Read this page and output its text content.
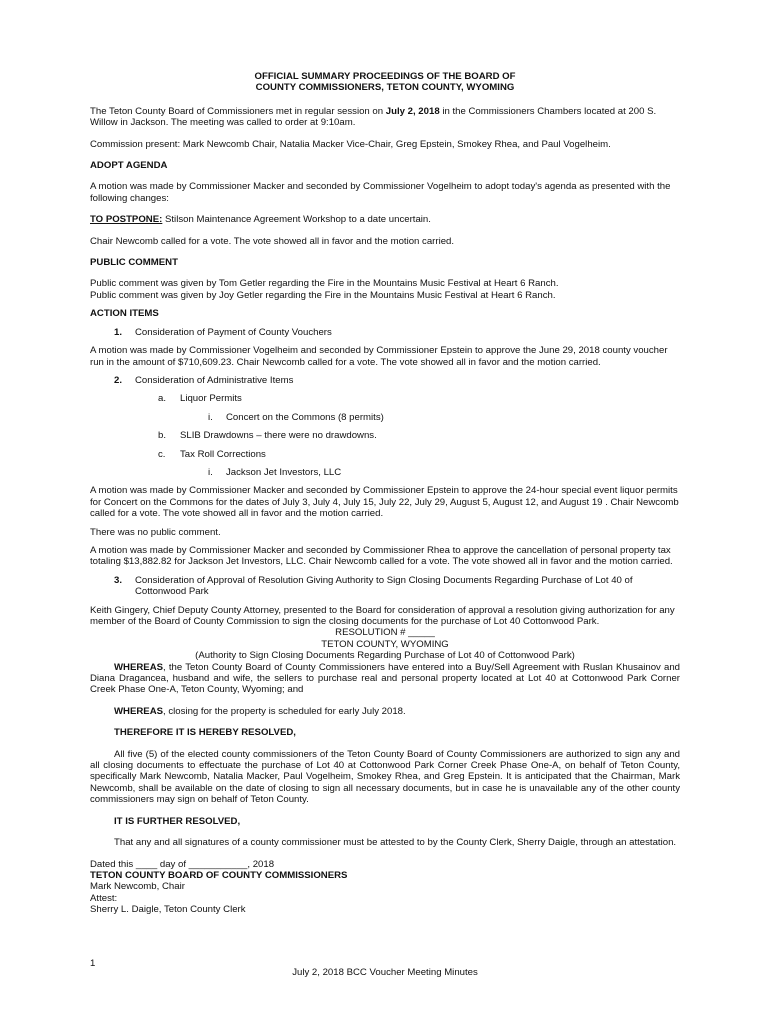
OFFICIAL SUMMARY PROCEEDINGS OF THE BOARD OF

COUNTY COMMISSIONERS, TETON COUNTY, WYOMING

The Teton County Board of Commissioners met in regular session on July 2, 2018 in the Commissioners Chambers located at 200 S. Willow in Jackson. The meeting was called to order at 9:10am.

Commission present: Mark Newcomb Chair, Natalia Macker Vice-Chair, Greg Epstein, Smokey Rhea, and Paul Vogelheim.

ADOPT AGENDA

A motion was made by Commissioner Macker and seconded by Commissioner Vogelheim to adopt today's agenda as presented with the following changes:

TO POSTPONE: Stilson Maintenance Agreement Workshop to a date uncertain.

Chair Newcomb called for a vote. The vote showed all in favor and the motion carried.

PUBLIC COMMENT

Public comment was given by Tom Getler regarding the Fire in the Mountains Music Festival at Heart 6 Ranch.

Public comment was given by Joy Getler regarding the Fire in the Mountains Music Festival at Heart 6 Ranch.

ACTION ITEMS

1. Consideration of Payment of County Vouchers

A motion was made by Commissioner Vogelheim and seconded by Commissioner Epstein to approve the June 29, 2018 county voucher run in the amount of $710,609.23. Chair Newcomb called for a vote. The vote showed all in favor and the motion carried.

2. Consideration of Administrative Items

a. Liquor Permits

i. Concert on the Commons (8 permits)

b. SLIB Drawdowns – there were no drawdowns.

c. Tax Roll Corrections

i. Jackson Jet Investors, LLC

A motion was made by Commissioner Macker and seconded by Commissioner Epstein to approve the 24-hour special event liquor permits for Concert on the Commons for the dates of July 3, July 4, July 15, July 22, July 29, August 5, August 12, and August 19 . Chair Newcomb called for a vote. The vote showed all in favor and the motion carried.

There was no public comment.

A motion was made by Commissioner Macker and seconded by Commissioner Rhea to approve the cancellation of personal property tax totaling $13,882.82 for Jackson Jet Investors, LLC. Chair Newcomb called for a vote. The vote showed all in favor and the motion carried.

3. Consideration of Approval of Resolution Giving Authority to Sign Closing Documents Regarding Purchase of Lot 40 of Cottonwood Park

Keith Gingery, Chief Deputy County Attorney, presented to the Board for consideration of approval a resolution giving authorization for any member of the Board of County Commission to sign the closing documents for the purchase of Lot 40 Cottonwood Park.

RESOLUTION # _____

TETON COUNTY, WYOMING

(Authority to Sign Closing Documents Regarding Purchase of Lot 40 of Cottonwood Park)

WHEREAS, the Teton County Board of County Commissioners have entered into a Buy/Sell Agreement with Ruslan Khusainov and Diana Dragancea, husband and wife, the sellers to purchase real and personal property located at Lot 40 at Cottonwood Park Corner Creek Phase One-A, Teton County, Wyoming; and

WHEREAS, closing for the property is scheduled for early July 2018.

THEREFORE IT IS HEREBY RESOLVED,

All five (5) of the elected county commissioners of the Teton County Board of County Commissioners are authorized to sign any and all closing documents to effectuate the purchase of Lot 40 at Cottonwood Park Corner Creek Phase One-A, on behalf of Teton County, specifically Mark Newcomb, Natalia Macker, Paul Vogelheim, Smokey Rhea, and Greg Epstein. It is anticipated that the Chairman, Mark Newcomb, shall be available on the date of closing to sign all necessary documents, but in case he is unavailable any of the other county commissioners may sign on behalf of Teton County.

IT IS FURTHER RESOLVED,

That any and all signatures of a county commissioner must be attested to by the County Clerk, Sherry Daigle, through an attestation.

Dated this ____ day of ___________, 2018

TETON COUNTY BOARD OF COUNTY COMMISSIONERS

Mark Newcomb, Chair

Attest:

Sherry L. Daigle, Teton County Clerk

1
July 2, 2018 BCC Voucher Meeting Minutes
